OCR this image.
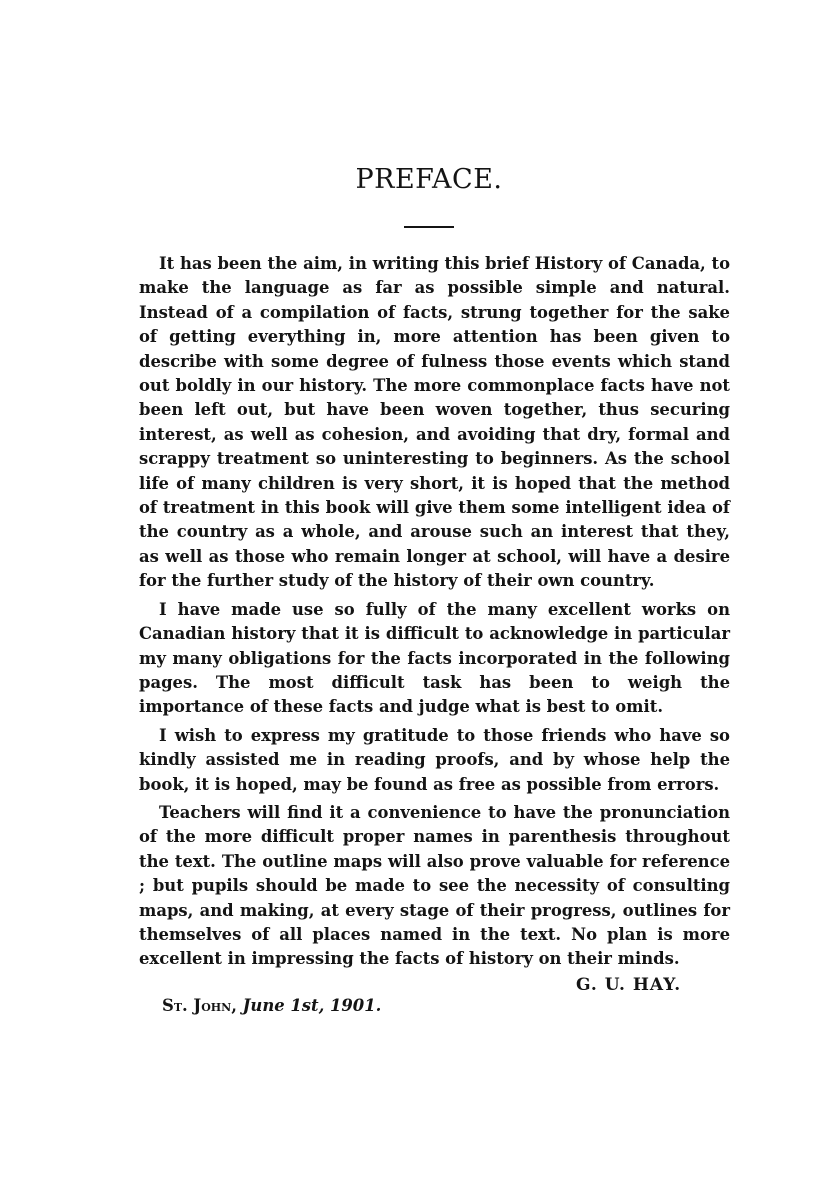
PREFACE.

It has been the aim, in writing this brief History of Canada, to make the language as far as possible simple and natural. Instead of a compilation of facts, strung together for the sake of getting everything in, more attention has been given to describe with some degree of fulness those events which stand out boldly in our history. The more commonplace facts have not been left out, but have been woven together, thus securing interest, as well as cohesion, and avoiding that dry, formal and scrappy treatment so uninteresting to beginners. As the school life of many children is very short, it is hoped that the method of treatment in this book will give them some intelligent idea of the country as a whole, and arouse such an interest that they, as well as those who remain longer at school, will have a desire for the further study of the history of their own country.

I have made use so fully of the many excellent works on Canadian history that it is difficult to acknowledge in particular my many obligations for the facts incorporated in the following pages. The most difficult task has been to weigh the importance of these facts and judge what is best to omit.

I wish to express my gratitude to those friends who have so kindly assisted me in reading proofs, and by whose help the book, it is hoped, may be found as free as possible from errors.

Teachers will find it a convenience to have the pronunciation of the more difficult proper names in parenthesis throughout the text. The outline maps will also prove valuable for reference ; but pupils should be made to see the necessity of consulting maps, and making, at every stage of their progress, outlines for themselves of all places named in the text. No plan is more excellent in impressing the facts of history on their minds.

G. U. HAY.
St. John, June 1st, 1901.
